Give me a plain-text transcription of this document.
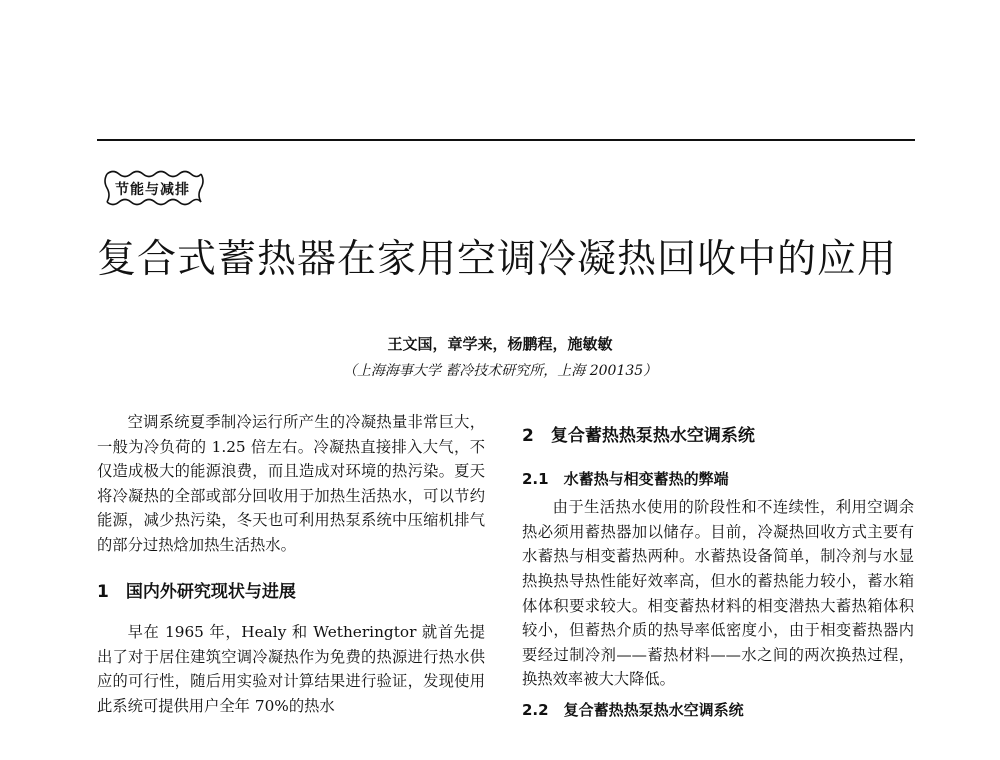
节能与减排
复合式蓄热器在家用空调冷凝热回收中的应用
王文国，章学来，杨鹏程，施敏敏
（上海海事大学 蓄冷技术研究所，上海 200135）

空调系统夏季制冷运行所产生的冷凝热量非常巨大，一般为冷负荷的 1.25 倍左右。冷凝热直接排入大气，不仅造成极大的能源浪费，而且造成对环境的热污染。夏天将冷凝热的全部或部分回收用于加热生活热水，可以节约能源，减少热污染，冬天也可利用热泵系统中压缩机排气的部分过热焓加热生活热水。

1　国内外研究现状与进展

早在 1965 年，Healy 和 Wetheringtor 就首先提出了对于居住建筑空调冷凝热作为免费的热源进行热水供应的可行性，随后用实验对计算结果进行验证，发现使用此系统可提供用户全年 70%的热水

2　复合蓄热热泵热水空调系统
2.1　水蓄热与相变蓄热的弊端

由于生活热水使用的阶段性和不连续性，利用空调余热必须用蓄热器加以储存。目前，冷凝热回收方式主要有水蓄热与相变蓄热两种。水蓄热设备简单，制冷剂与水显热换热导热性能好效率高，但水的蓄热能力较小，蓄水箱体体积要求较大。相变蓄热材料的相变潜热大蓄热箱体积较小，但蓄热介质的热导率低密度小，由于相变蓄热器内要经过制冷剂——蓄热材料——水之间的两次换热过程，换热效率被大大降低。

2.2　复合蓄热热泵热水空调系统
